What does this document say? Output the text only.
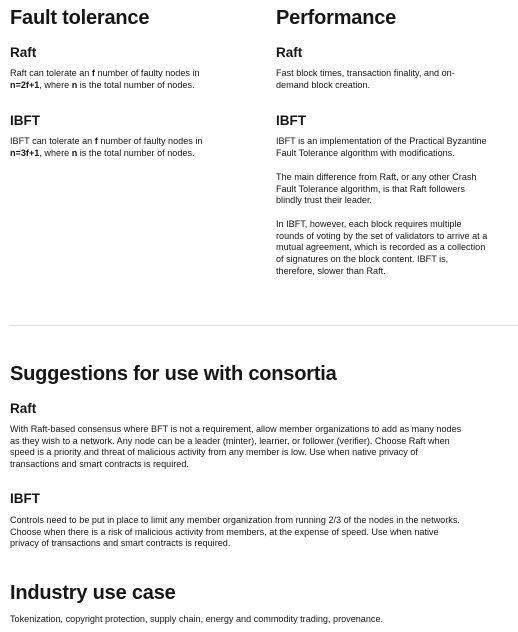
Fault tolerance
Raft

Raft can tolerate an f number of faulty nodes in
n=2f+1, where n is the total number of nodes.

IBFT

IBFT can tolerate an f number of faulty nodes in
n=3f+1, where n is the total number of nodes.

Performance
Raft

Fast block times, transaction finality, and on-
demand block creation.

IBFT

IBFT is an implementation of the Practical Byzantine
Fault Tolerance algorithm with modifications.

The main difference from Raft, or any other Crash
Fault Tolerance algorithm, is that Raft followers
blindly trust their leader.

In IBFT, however, each block requires multiple
rounds of voting by the set of validators to arrive at a
mutual agreement, which is recorded as a collection
of signatures on the block content. IBFT is,
therefore, slower than Raft.

Suggestions for use with consortia
Raft

With Raft-based consensus where BFT is not a requirement, allow member organizations to add as many nodes
as they wish to a network. Any node can be a leader (minter), learner, or follower (verifier). Choose Raft when
speed is a priority and threat of malicious activity from any member is low. Use when native privacy of
transactions and smart contracts is required.

IBFT

Controls need to be put in place to limit any member organization from running 2/3 of the nodes in the networks.
Choose when there is a risk of malicious activity from members, at the expense of speed. Use when native
privacy of transactions and smart contracts is required.

Industry use case

Tokenization, copyright protection, supply chain, energy and commodity trading, provenance.
